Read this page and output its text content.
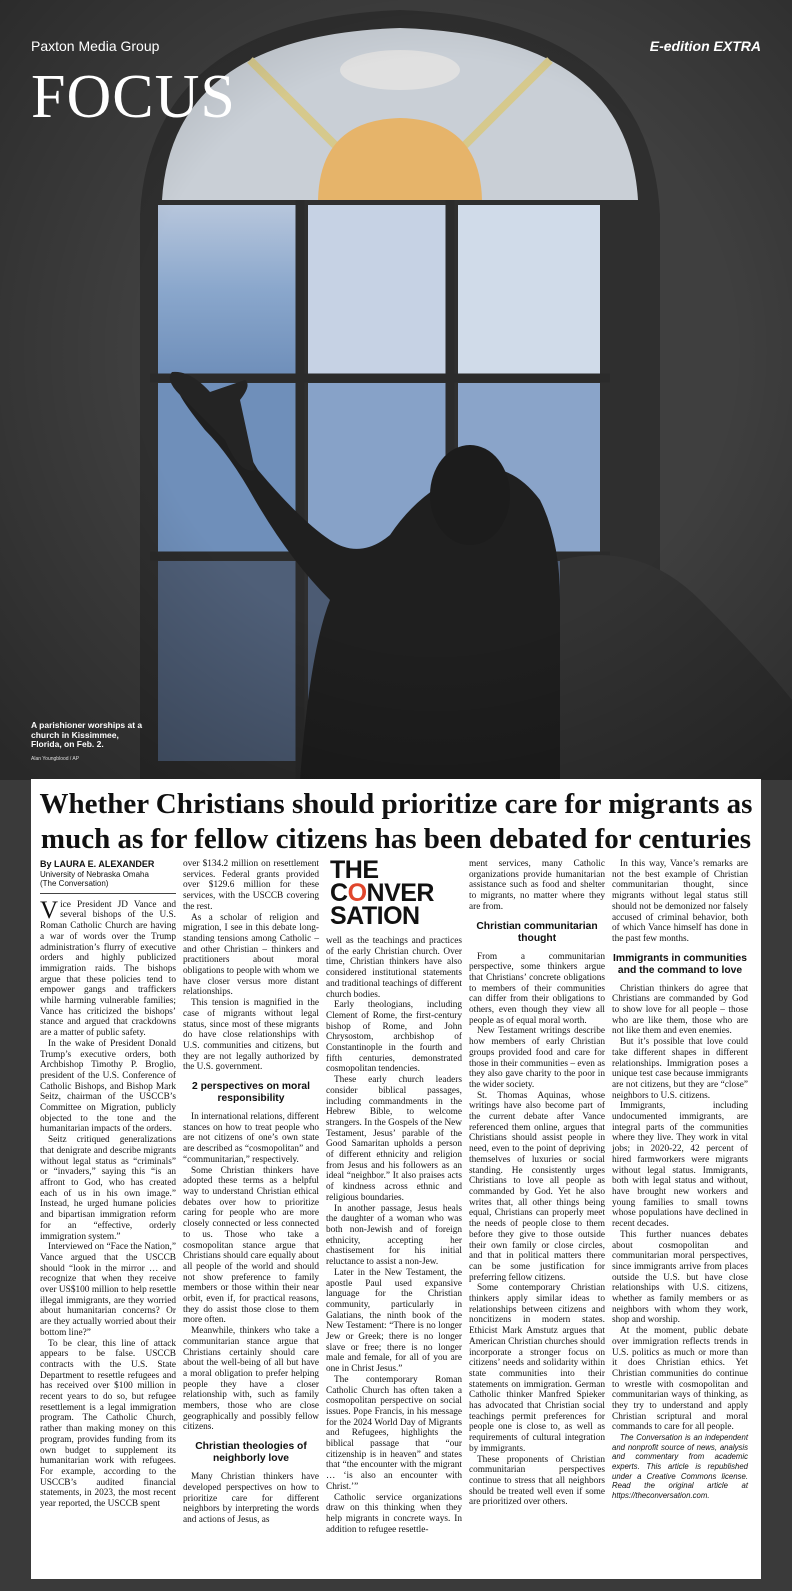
Paxton Media Group	E-edition EXTRA
FOCUS
A parishioner worships at a church in Kissimmee, Florida, on Feb. 2.
Alan Youngblood / AP
Whether Christians should prioritize care for migrants as much as for fellow citizens has been debated for centuries
By LAURA E. ALEXANDER
University of Nebraska Omaha
(The Conversation)

Vice President JD Vance and several bishops of the U.S. Roman Catholic Church are having a war of words over the Trump administration’s flurry of executive orders and highly publicized immigration raids. The bishops argue that these policies tend to empower gangs and traffickers while harming vulnerable families; Vance has criticized the bishops’ stance and argued that crackdowns are a matter of public safety.

In the wake of President Donald Trump’s executive orders, both Archbishop Timothy P. Broglio, president of the U.S. Conference of Catholic Bishops, and Bishop Mark Seitz, chairman of the USCCB’s Committee on Migration, publicly objected to the tone and the humanitarian impacts of the orders.

Seitz critiqued generalizations that denigrate and describe migrants without legal status as “criminals” or “invaders,” saying this “is an affront to God, who has created each of us in his own image.” Instead, he urged humane policies and bipartisan immigration reform for an “effective, orderly immigration system.”

Interviewed on “Face the Nation,” Vance argued that the USCCB should “look in the mirror … and recognize that when they receive over US$100 million to help resettle illegal immigrants, are they worried about humanitarian concerns? Or are they actually worried about their bottom line?”

To be clear, this line of attack appears to be false. USCCB contracts with the U.S. State Department to resettle refugees and has received over $100 million in recent years to do so, but refugee resettlement is a legal immigration program. The Catholic Church, rather than making money on this program, provides funding from its own budget to supplement its humanitarian work with refugees. For example, according to the USCCB’s audited financial statements, in 2023, the most recent year reported, the USCCB spent

over $134.2 million on resettlement services. Federal grants provided over $129.6 million for these services, with the USCCB covering the rest.

As a scholar of religion and migration, I see in this debate long-standing tensions among Catholic – and other Christian – thinkers and practitioners about moral obligations to people with whom we have closer versus more distant relationships.

This tension is magnified in the case of migrants without legal status, since most of these migrants do have close relationships with U.S. communities and citizens, but they are not legally authorized by the U.S. government.

2 perspectives on moral responsibility

In international relations, different stances on how to treat people who are not citizens of one’s own state are described as “cosmopolitan” and “communitarian,” respectively.

Some Christian thinkers have adopted these terms as a helpful way to understand Christian ethical debates over how to prioritize caring for people who are more closely connected or less connected to us. Those who take a cosmopolitan stance argue that Christians should care equally about all people of the world and should not show preference to family members or those within their near orbit, even if, for practical reasons, they do assist those close to them more often.

Meanwhile, thinkers who take a communitarian stance argue that Christians certainly should care about the well-being of all but have a moral obligation to prefer helping people they have a closer relationship with, such as family members, those who are close geographically and possibly fellow citizens.

Christian theologies of neighborly love

Many Christian thinkers have developed perspectives on how to prioritize care for different neighbors by interpreting the words and actions of Jesus, as

THE
CONVER
SATION

well as the teachings and practices of the early Christian church. Over time, Christian thinkers have also considered institutional statements and traditional teachings of different church bodies.

Early theologians, including Clement of Rome, the first-century bishop of Rome, and John Chrysostom, archbishop of Constantinople in the fourth and fifth centuries, demonstrated cosmopolitan tendencies.

These early church leaders consider biblical passages, including commandments in the Hebrew Bible, to welcome strangers. In the Gospels of the New Testament, Jesus’ parable of the Good Samaritan upholds a person of different ethnicity and religion from Jesus and his followers as an ideal “neighbor.” It also praises acts of kindness across ethnic and religious boundaries.

In another passage, Jesus heals the daughter of a woman who was both non-Jewish and of foreign ethnicity, accepting her chastisement for his initial reluctance to assist a non-Jew.

Later in the New Testament, the apostle Paul used expansive language for the Christian community, particularly in Galatians, the ninth book of the New Testament: “There is no longer Jew or Greek; there is no longer slave or free; there is no longer male and female, for all of you are one in Christ Jesus.”

The contemporary Roman Catholic Church has often taken a cosmopolitan perspective on social issues. Pope Francis, in his message for the 2024 World Day of Migrants and Refugees, highlights the biblical passage that “our citizenship is in heaven” and states that “the encounter with the migrant … ‘is also an encounter with Christ.’”

Catholic service organizations draw on this thinking when they help migrants in concrete ways. In addition to refugee resettle-

ment services, many Catholic organizations provide humanitarian assistance such as food and shelter to migrants, no matter where they are from.

Christian communitarian thought

From a communitarian perspective, some thinkers argue that Christians’ concrete obligations to members of their communities can differ from their obligations to others, even though they view all people as of equal moral worth.

New Testament writings describe how members of early Christian groups provided food and care for those in their communities – even as they also gave charity to the poor in the wider society.

St. Thomas Aquinas, whose writings have also become part of the current debate after Vance referenced them online, argues that Christians should assist people in need, even to the point of depriving themselves of luxuries or social standing. He consistently urges Christians to love all people as commanded by God. Yet he also writes that, all other things being equal, Christians can properly meet the needs of people close to them before they give to those outside their own family or close circles, and that in political matters there can be some justification for preferring fellow citizens.

Some contemporary Christian thinkers apply similar ideas to relationships between citizens and noncitizens in modern states. Ethicist Mark Amstutz argues that American Christian churches should incorporate a stronger focus on citizens’ needs and solidarity within state communities into their statements on immigration. German Catholic thinker Manfred Spieker has advocated that Christian social teachings permit preferences for people one is close to, as well as requirements of cultural integration by immigrants.

These proponents of Christian communitarian perspectives continue to stress that all neighbors should be treated well even if some are prioritized over others.

In this way, Vance’s remarks are not the best example of Christian communitarian thought, since migrants without legal status still should not be demonized nor falsely accused of criminal behavior, both of which Vance himself has done in the past few months.

Immigrants in communities and the command to love

Christian thinkers do agree that Christians are commanded by God to show love for all people – those who are like them, those who are not like them and even enemies.

But it’s possible that love could take different shapes in different relationships. Immigration poses a unique test case because immigrants are not citizens, but they are “close” neighbors to U.S. citizens.

Immigrants, including undocumented immigrants, are integral parts of the communities where they live. They work in vital jobs; in 2020-22, 42 percent of hired farmworkers were migrants without legal status. Immigrants, both with legal status and without, have brought new workers and young families to small towns whose populations have declined in recent decades.

This further nuances debates about cosmopolitan and communitarian moral perspectives, since immigrants arrive from places outside the U.S. but have close relationships with U.S. citizens, whether as family members or as neighbors with whom they work, shop and worship.

At the moment, public debate over immigration reflects trends in U.S. politics as much or more than it does Christian ethics. Yet Christian communities do continue to wrestle with cosmopolitan and communitarian ways of thinking, as they try to understand and apply Christian scriptural and moral commands to care for all people.

The Conversation is an independent and nonprofit source of news, analysis and commentary from academic experts. This article is republished under a Creative Commons license. Read the original article at https://theconversation.com.
